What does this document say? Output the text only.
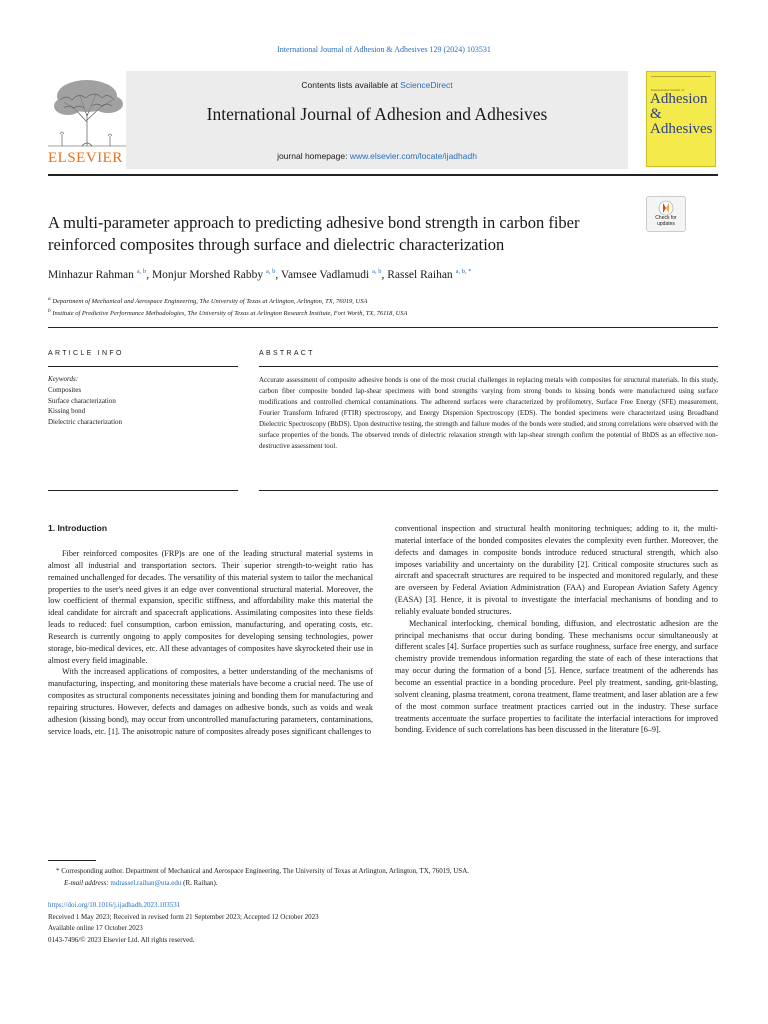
International Journal of Adhesion & Adhesives 129 (2024) 103531
ELSEVIER
Contents lists available at ScienceDirect
International Journal of Adhesion and Adhesives
journal homepage: www.elsevier.com/locate/ijadhadh
International Journal of
Adhesion &
Adhesives
Check for
updates
A multi-parameter approach to predicting adhesive bond strength in carbon fiber reinforced composites through surface and dielectric characterization
Minhazur Rahman $^{a, b}$, Monjur Morshed Rabby $^{a, b}$, Vamsee Vadlamudi $^{a, b}$, Rassel Raihan $^{a, b, *}$
$^a$ Department of Mechanical and Aerospace Engineering, The University of Texas at Arlington, Arlington, TX, 76019, USA
$^b$ Institute of Predictive Performance Methodologies, The University of Texas at Arlington Research Institute, Fort Worth, TX, 76118, USA
ARTICLE INFO	ABSTRACT
Keywords:
Composites
Surface characterization
Kissing bond
Dielectric characterization
Accurate assessment of composite adhesive bonds is one of the most crucial challenges in replacing metals with composites for structural materials. In this study, carbon fiber composite bonded lap-shear specimens with bond strengths varying from strong bonds to kissing bonds were manufactured using surface modifications and controlled chemical contaminations. The adherend surfaces were characterized by profilometry, Surface Free Energy (SFE) measurement, Fourier Transform Infrared (FTIR) spectroscopy, and Energy Dispersion Spectroscopy (EDS). The bonded specimens were characterized using Broadband Dielectric Spectroscopy (BbDS). Upon destructive testing, the strength and failure modes of the bonds were studied, and strong correlations were observed with the surface properties of the bonds. The observed trends of dielectric relaxation strength with lap-shear strength confirm the potential of BbDS as an effective non-destructive assessment tool.
1. Introduction

Fiber reinforced composites (FRP)s are one of the leading structural material systems in almost all industrial and transportation sectors. Their superior strength-to-weight ratio has remained unchallenged for decades. The versatility of this material system to tailor the mechanical properties to the user's need gives it an edge over conventional structural material. Moreover, the low coefficient of thermal expansion, specific stiffness, and affordability make this material the ideal candidate for aircraft and spacecraft applications. Assimilating composites into these fields leads to reduced: fuel consumption, carbon emission, manufacturing, and operating costs, etc. Research is currently ongoing to apply composites for developing sensing technologies, power storage, bio-medical devices, etc. All these advantages of composites have skyrocketed their use in almost every field imaginable.

With the increased applications of composites, a better understanding of the mechanisms of manufacturing, inspecting, and monitoring these materials have become a crucial need. The use of composites as structural components necessitates joining and bonding them for manufacturing and repairing structures. However, defects and damages on adhesive bonds, such as voids and weak adhesion (kissing bond), may occur from uncontrolled manufacturing parameters, contaminations, service loads, etc. [1]. The anisotropic nature of composites already poses significant challenges to

conventional inspection and structural health monitoring techniques; adding to it, the multi-material interface of the bonded composites elevates the complexity even further. Moreover, the defects and damages in composite bonds introduce reduced structural strength, which also imposes variability and uncertainty on the durability [2]. Critical composite structures such as aircraft and spacecraft structures are required to be inspected and monitored regularly, and these are overseen by Federal Aviation Administration (FAA) and European Aviation Safety Agency (EASA) [3]. Hence, it is pivotal to investigate the interfacial mechanisms of bonding and to reliably evaluate bonded structures.

Mechanical interlocking, chemical bonding, diffusion, and electrostatic adhesion are the principal mechanisms that occur during bonding. These mechanisms occur simultaneously at different scales [4]. Surface properties such as surface roughness, surface free energy, and surface chemistry provide tremendous information regarding the state of each of these interactions that may occur during the formation of a bond [5]. Hence, surface treatment of the adherends has become an essential practice in a bonding procedure. Peel ply treatment, sanding, grit-blasting, solvent cleaning, plasma treatment, corona treatment, flame treatment, and laser ablation are a few of the most common surface treatment practices carried out in the industry. These surface treatments accentuate the surface properties to facilitate the interfacial interactions for improved bonding. Evidence of such correlations has been discussed in the literature [6–9].

* Corresponding author. Department of Mechanical and Aerospace Engineering, The University of Texas at Arlington, Arlington, TX, 76019, USA.
E-mail address: mdrassel.raihan@uta.edu (R. Raihan).
https://doi.org/10.1016/j.ijadhadh.2023.103531
Received 1 May 2023; Received in revised form 21 September 2023; Accepted 12 October 2023
Available online 17 October 2023
0143-7496/© 2023 Elsevier Ltd. All rights reserved.
